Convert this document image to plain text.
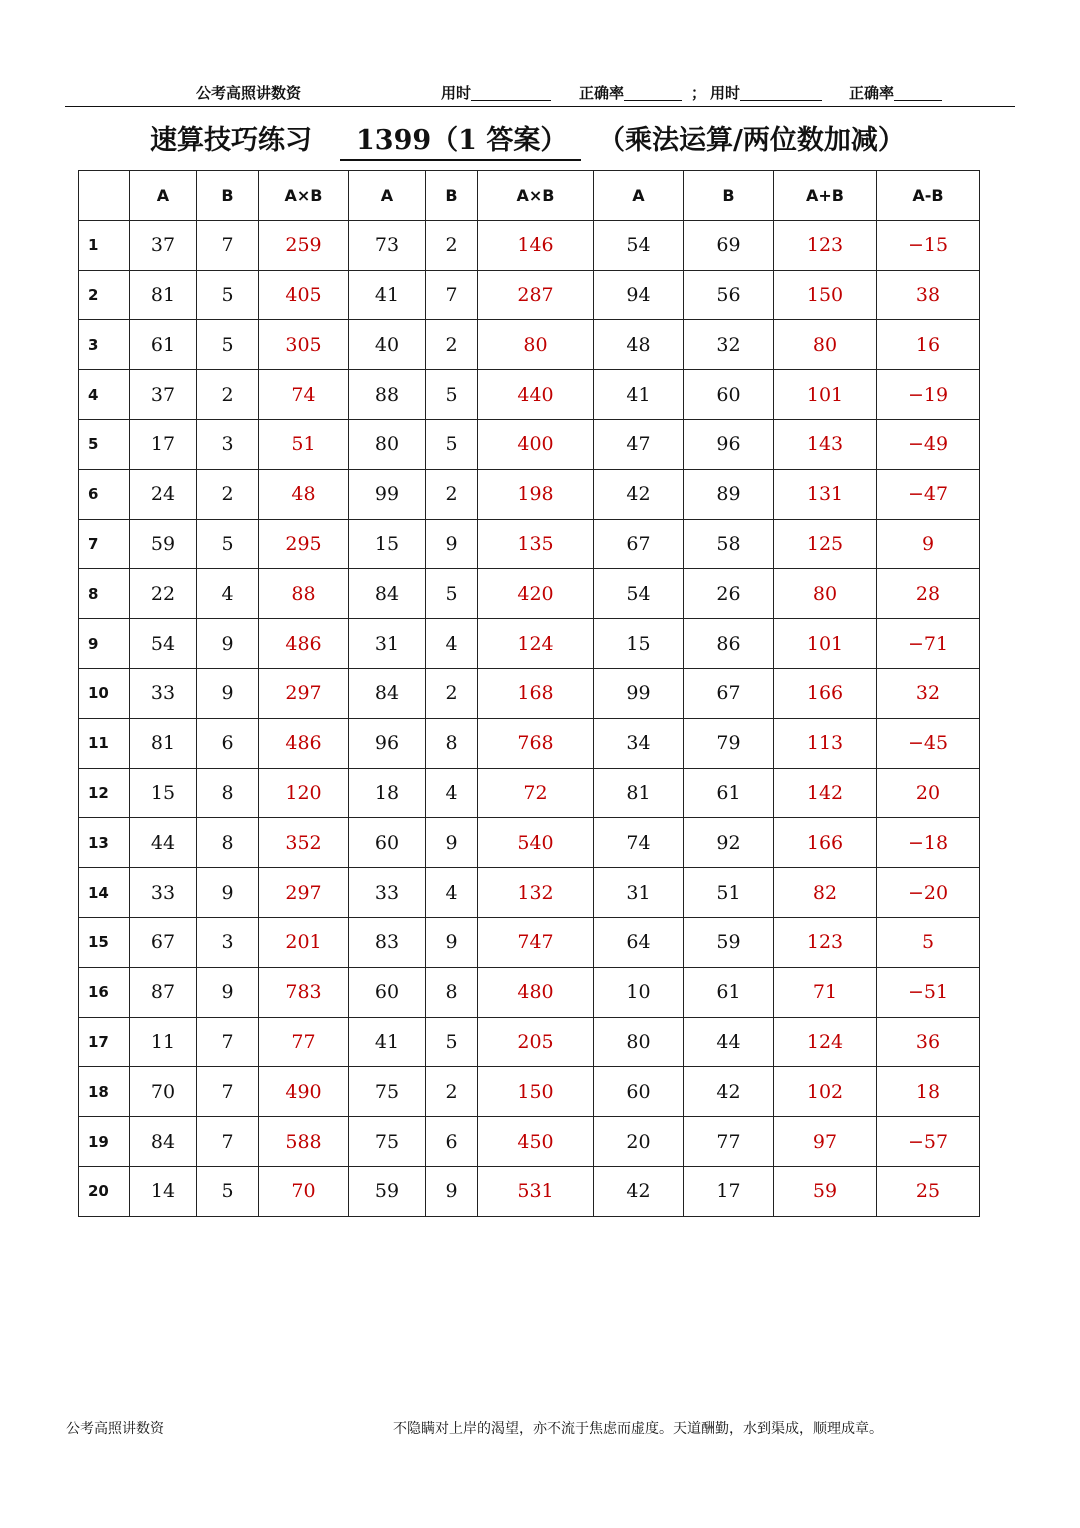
公考高照讲数资	用时	正确率	； 用时	正确率
速算技巧练习	1399（1 答案）	（乘法运算/两位数加减）
	A	B	A×B	A	B	A×B	A	B	A+B	A-B
1	37	7	259	73	2	146	54	69	123	−15
2	81	5	405	41	7	287	94	56	150	38
3	61	5	305	40	2	80	48	32	80	16
4	37	2	74	88	5	440	41	60	101	−19
5	17	3	51	80	5	400	47	96	143	−49
6	24	2	48	99	2	198	42	89	131	−47
7	59	5	295	15	9	135	67	58	125	9
8	22	4	88	84	5	420	54	26	80	28
9	54	9	486	31	4	124	15	86	101	−71
10	33	9	297	84	2	168	99	67	166	32
11	81	6	486	96	8	768	34	79	113	−45
12	15	8	120	18	4	72	81	61	142	20
13	44	8	352	60	9	540	74	92	166	−18
14	33	9	297	33	4	132	31	51	82	−20
15	67	3	201	83	9	747	64	59	123	5
16	87	9	783	60	8	480	10	61	71	−51
17	11	7	77	41	5	205	80	44	124	36
18	70	7	490	75	2	150	60	42	102	18
19	84	7	588	75	6	450	20	77	97	−57
20	14	5	70	59	9	531	42	17	59	25
公考高照讲数资	不隐瞒对上岸的渴望，亦不流于焦虑而虚度。天道酬勤，水到渠成，顺理成章。
